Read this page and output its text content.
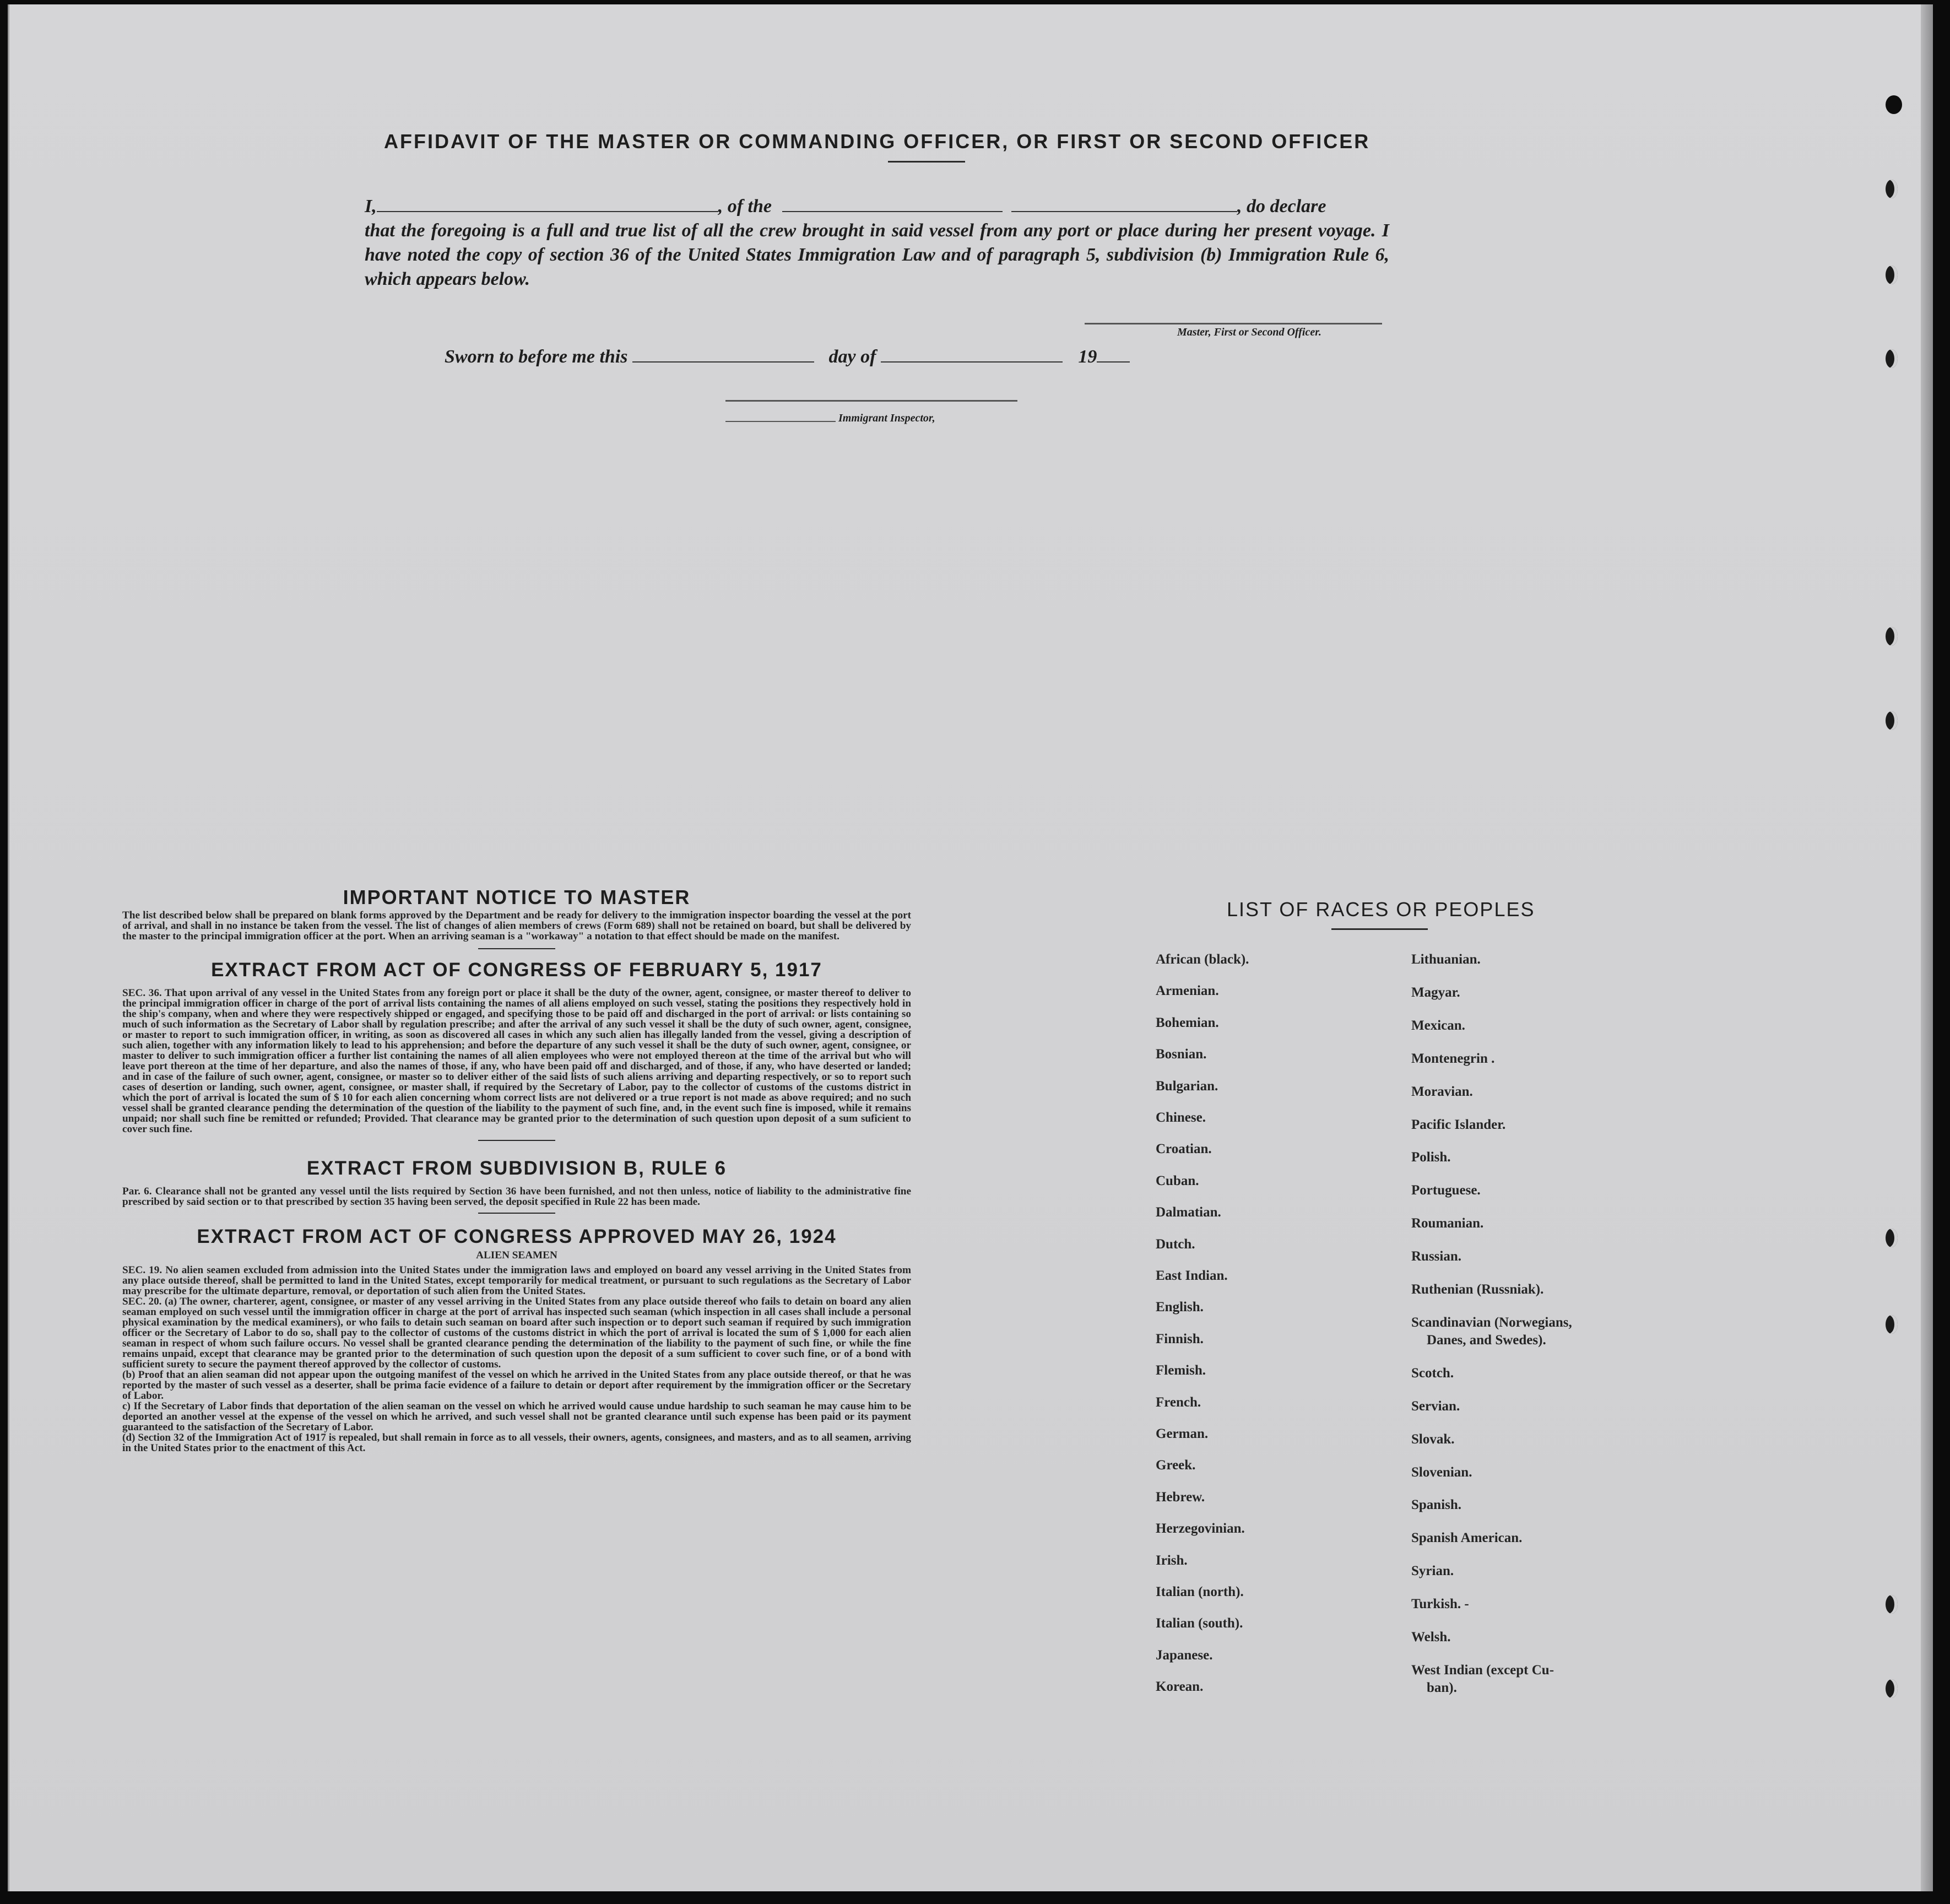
AFFIDAVIT OF THE MASTER OR COMMANDING OFFICER, OR FIRST OR SECOND OFFICER
I,	, of the	, do declare
that the foregoing is a full and true list of all the crew brought in said vessel from any port or place during her present voyage. I have noted the copy of section 36 of the United States Immigration Law and of paragraph 5, subdivision (b) Immigration Rule 6, which appears below.
Master, First or Second Officer.
Sworn to before me this	day of	19
Immigrant Inspector,
IMPORTANT NOTICE TO MASTER
The list described below shall be prepared on blank forms approved by the Department and be ready for delivery to the immigration inspector boarding the vessel at the port of arrival, and shall in no instance be taken from the vessel. The list of changes of alien members of crews (Form 689) shall not be retained on board, but shall be delivered by the master to the principal immigration officer at the port. When an arriving seaman is a "workaway" a notation to that effect should be made on the manifest.
EXTRACT FROM ACT OF CONGRESS OF FEBRUARY 5, 1917
SEC. 36. That upon arrival of any vessel in the United States from any foreign port or place it shall be the duty of the owner, agent, consignee, or master thereof to deliver to the principal immigration officer in charge of the port of arrival lists containing the names of all aliens employed on such vessel, stating the positions they respectively hold in the ship's company, when and where they were respectively shipped or engaged, and specifying those to be paid off and discharged in the port of arrival: or lists containing so much of such information as the Secretary of Labor shall by regulation prescribe; and after the arrival of any such vessel it shall be the duty of such owner, agent, consignee, or master to report to such immigration officer, in writing, as soon as discovered all cases in which any such alien has illegally landed from the vessel, giving a description of such alien, together with any information likely to lead to his apprehension; and before the departure of any such vessel it shall be the duty of such owner, agent, consignee, or master to deliver to such immigration officer a further list containing the names of all alien employees who were not employed thereon at the time of the arrival but who will leave port thereon at the time of her departure, and also the names of those, if any, who have been paid off and discharged, and of those, if any, who have deserted or landed; and in case of the failure of such owner, agent, consignee, or master so to deliver either of the said lists of such aliens arriving and departing respectively, or so to report such cases of desertion or landing, such owner, agent, consignee, or master shall, if required by the Secretary of Labor, pay to the collector of customs of the customs district in which the port of arrival is located the sum of $ 10 for each alien concerning whom correct lists are not delivered or a true report is not made as above required; and no such vessel shall be granted clearance pending the determination of the question of the liability to the payment of such fine, and, in the event such fine is imposed, while it remains unpaid; nor shall such fine be remitted or refunded; Provided. That clearance may be granted prior to the determination of such question upon deposit of a sum suficient to cover such fine.
EXTRACT FROM SUBDIVISION B, RULE 6
Par. 6. Clearance shall not be granted any vessel until the lists required by Section 36 have been furnished, and not then unless, notice of liability to the administrative fine prescribed by said section or to that prescribed by section 35 having been served, the deposit specified in Rule 22 has been made.
EXTRACT FROM ACT OF CONGRESS APPROVED MAY 26, 1924
ALIEN SEAMEN
SEC. 19. No alien seamen excluded from admission into the United States under the immigration laws and employed on board any vessel arriving in the United States from any place outside thereof, shall be permitted to land in the United States, except temporarily for medical treatment, or pursuant to such regulations as the Secretary of Labor may prescribe for the ultimate departure, removal, or deportation of such alien from the United States.
SEC. 20. (a) The owner, charterer, agent, consignee, or master of any vessel arriving in the United States from any place outside thereof who fails to detain on board any alien seaman employed on such vessel until the immigration officer in charge at the port of arrival has inspected such seaman (which inspection in all cases shall include a personal physical examination by the medical examiners), or who fails to detain such seaman on board after such inspection or to deport such seaman if required by such immigration officer or the Secretary of Labor to do so, shall pay to the collector of customs of the customs district in which the port of arrival is located the sum of $ 1,000 for each alien seaman in respect of whom such failure occurs. No vessel shall be granted clearance pending the determination of the liability to the payment of such fine, or while the fine remains unpaid, except that clearance may be granted prior to the determination of such question upon the deposit of a sum sufficient to cover such fine, or of a bond with sufficient surety to secure the payment thereof approved by the collector of customs.
(b) Proof that an alien seaman did not appear upon the outgoing manifest of the vessel on which he arrived in the United States from any place outside thereof, or that he was reported by the master of such vessel as a deserter, shall be prima facie evidence of a failure to detain or deport after requirement by the immigration officer or the Secretary of Labor.
c) If the Secretary of Labor finds that deportation of the alien seaman on the vessel on which he arrived would cause undue hardship to such seaman he may cause him to be deported an another vessel at the expense of the vessel on which he arrived, and such vessel shall not be granted clearance until such expense has been paid or its payment guaranteed to the satisfaction of the Secretary of Labor.
(d) Section 32 of the Immigration Act of 1917 is repealed, but shall remain in force as to all vessels, their owners, agents, consignees, and masters, and as to all seamen, arriving in the United States prior to the enactment of this Act.
LIST OF RACES OR PEOPLES
African (black).
Armenian.
Bohemian.
Bosnian.
Bulgarian.
Chinese.
Croatian.
Cuban.
Dalmatian.
Dutch.
East Indian.
English.
Finnish.
Flemish.
French.
German.
Greek.
Hebrew.
Herzegovinian.
Irish.
Italian (north).
Italian (south).
Japanese.
Korean.
Lithuanian.
Magyar.
Mexican.
Montenegrin .
Moravian.
Pacific Islander.
Polish.
Portuguese.
Roumanian.
Russian.
Ruthenian (Russniak).
Scandinavian (Norwegians,
Danes, and Swedes).
Scotch.
Servian.
Slovak.
Slovenian.
Spanish.
Spanish American.
Syrian.
Turkish. -
Welsh.
West Indian (except Cu-
ban).
